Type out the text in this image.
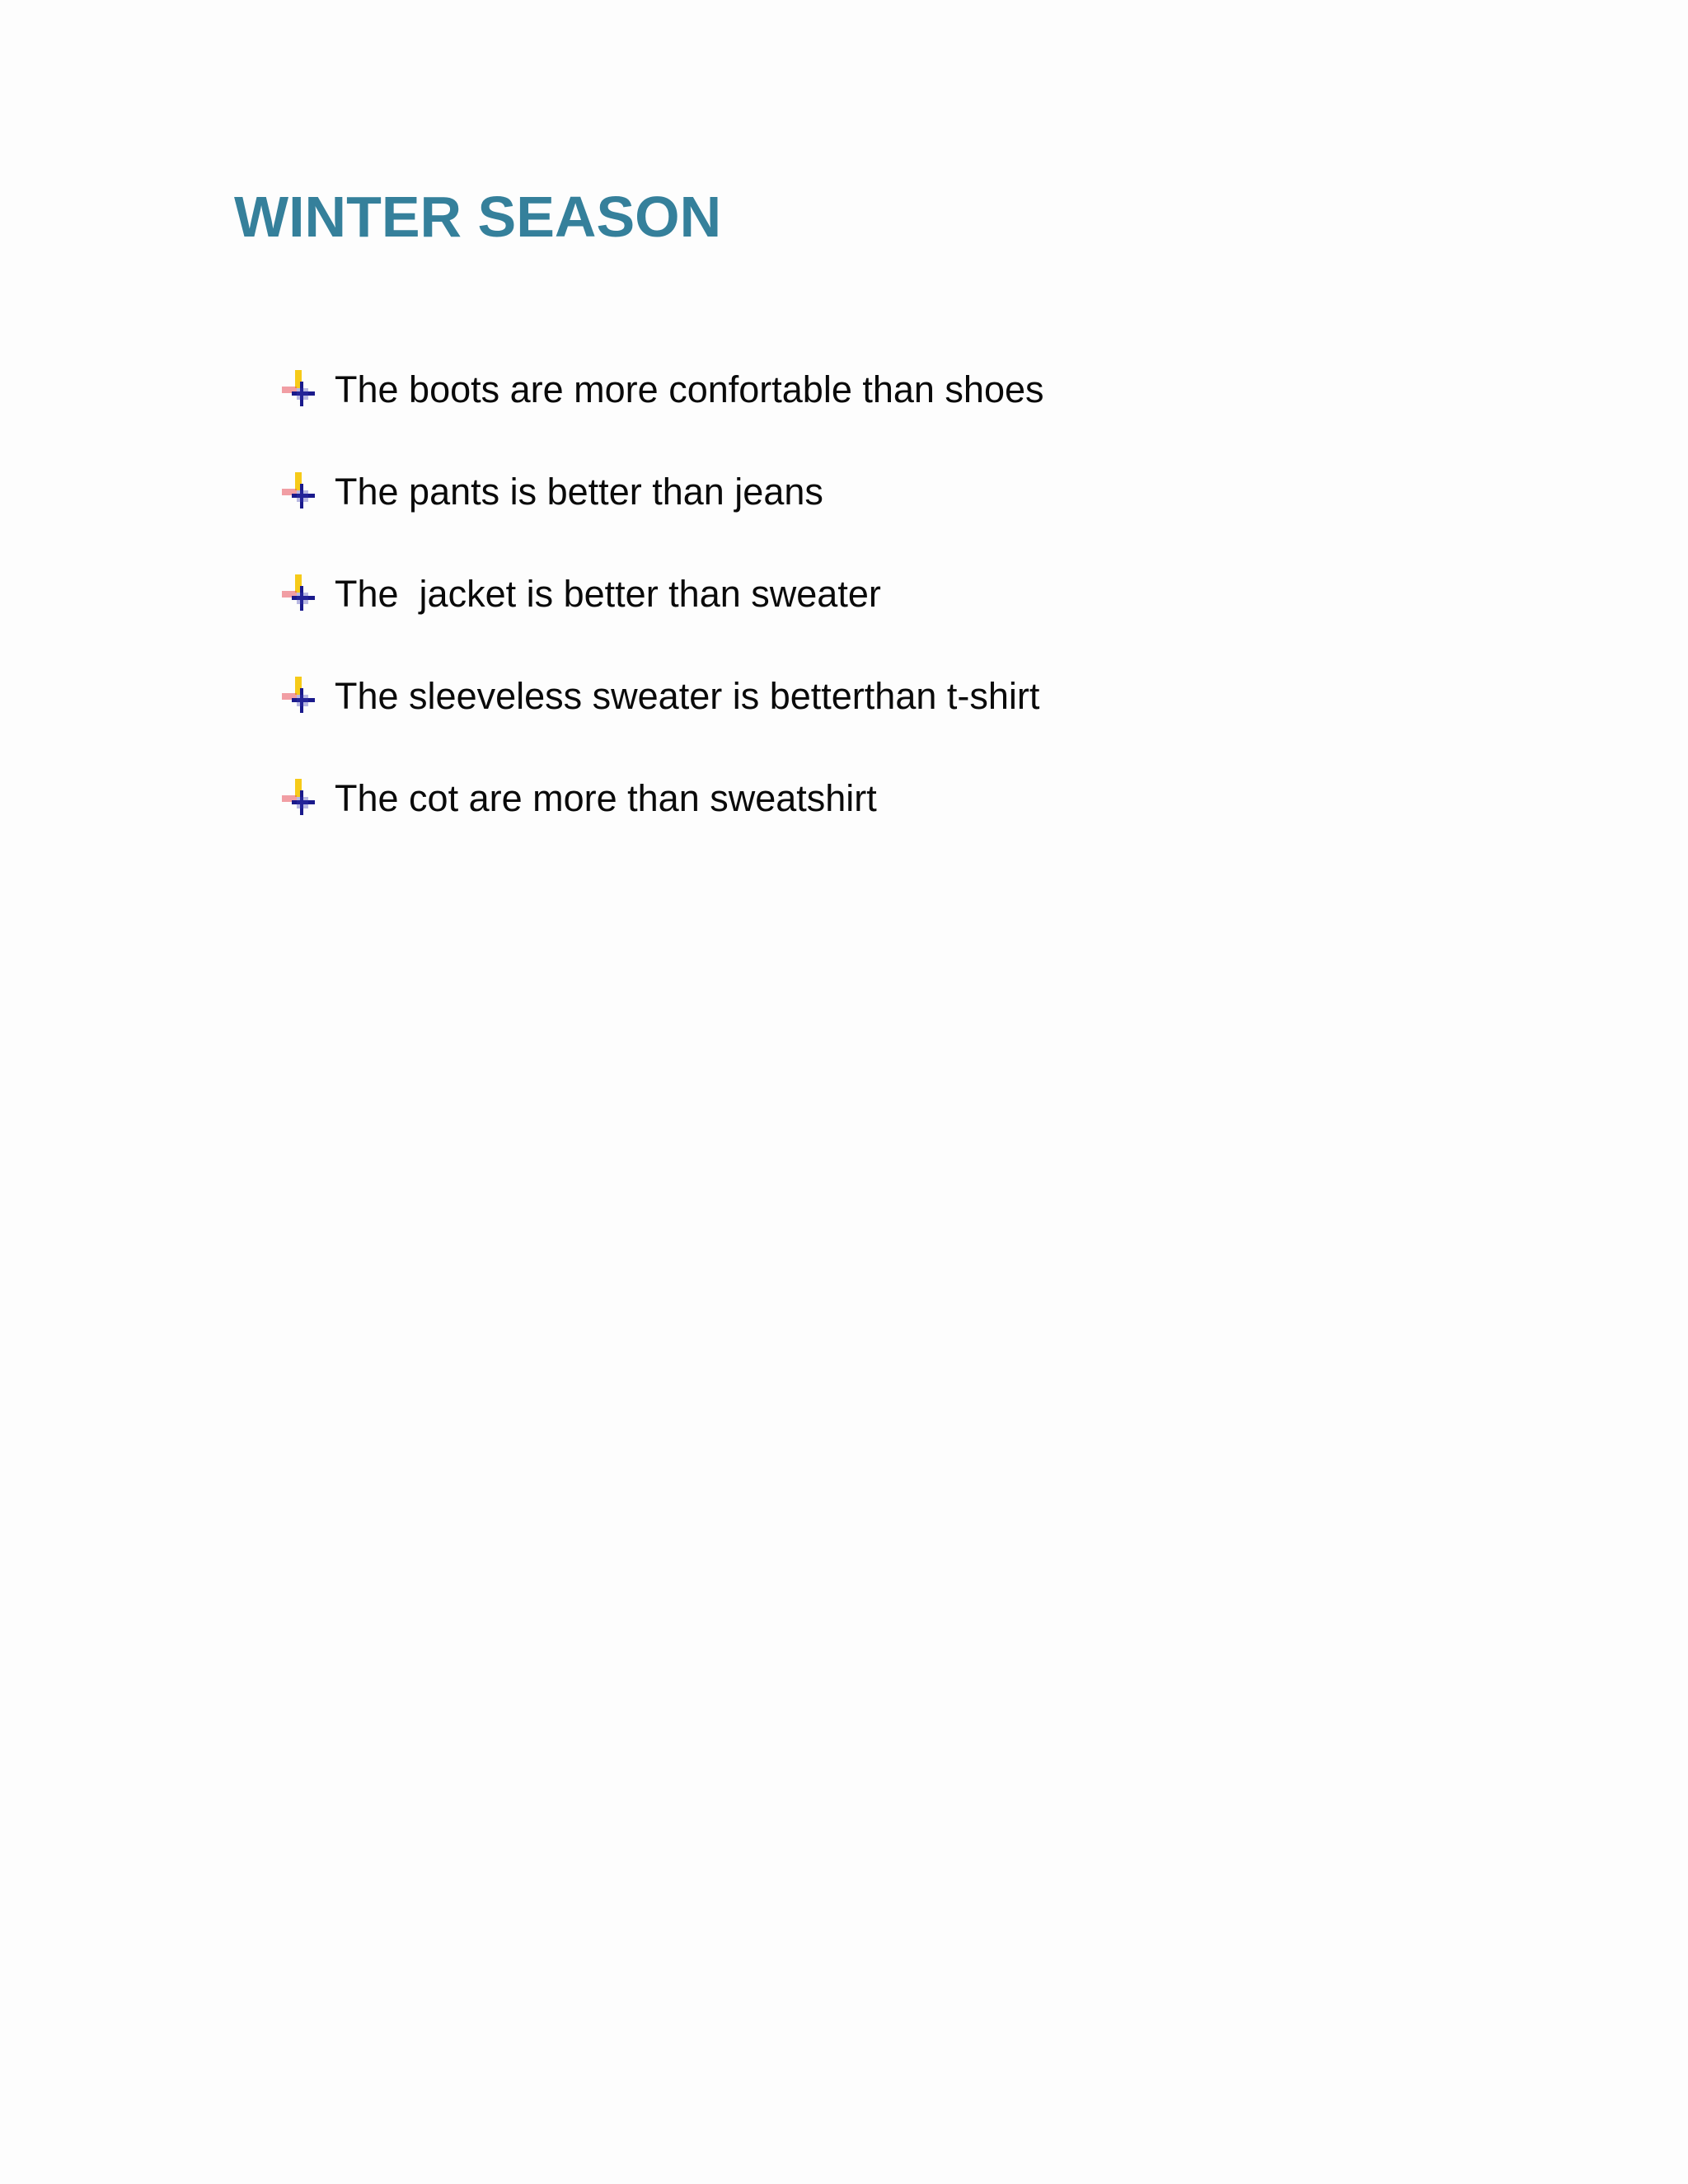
WINTER SEASON
The boots are more confortable than shoes
The pants is better than jeans
The  jacket is better than sweater
The sleeveless sweater is betterthan t-shirt
The cot are more than sweatshirt
